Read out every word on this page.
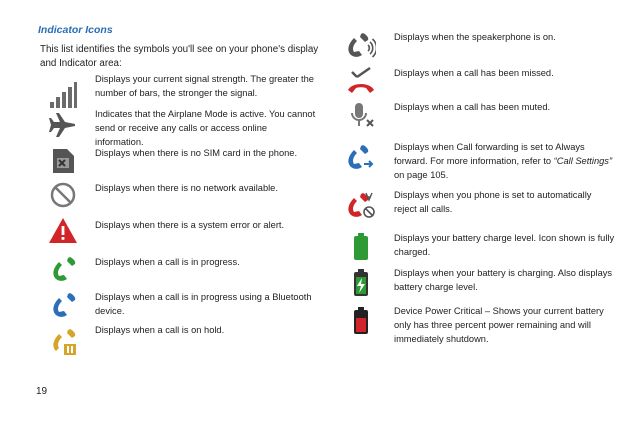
Indicator Icons
This list identifies the symbols you'll see on your phone's display and Indicator area:
Displays your current signal strength. The greater the number of bars, the stronger the signal.
Indicates that the Airplane Mode is active. You cannot send or receive any calls or access online information.
Displays when there is no SIM card in the phone.
Displays when there is no network available.
Displays when there is a system error or alert.
Displays when a call is in progress.
Displays when a call is in progress using a Bluetooth device.
Displays when a call is on hold.
Displays when the speakerphone is on.
Displays when a call has been missed.
Displays when a call has been muted.
Displays when Call forwarding is set to Always forward. For more information, refer to “Call Settings” on page 105.
Displays when you phone is set to automatically reject all calls.
Displays your battery charge level. Icon shown is fully charged.
Displays when your battery is charging. Also displays battery charge level.
Device Power Critical – Shows your current battery only has three percent power remaining and will immediately shutdown.
19
